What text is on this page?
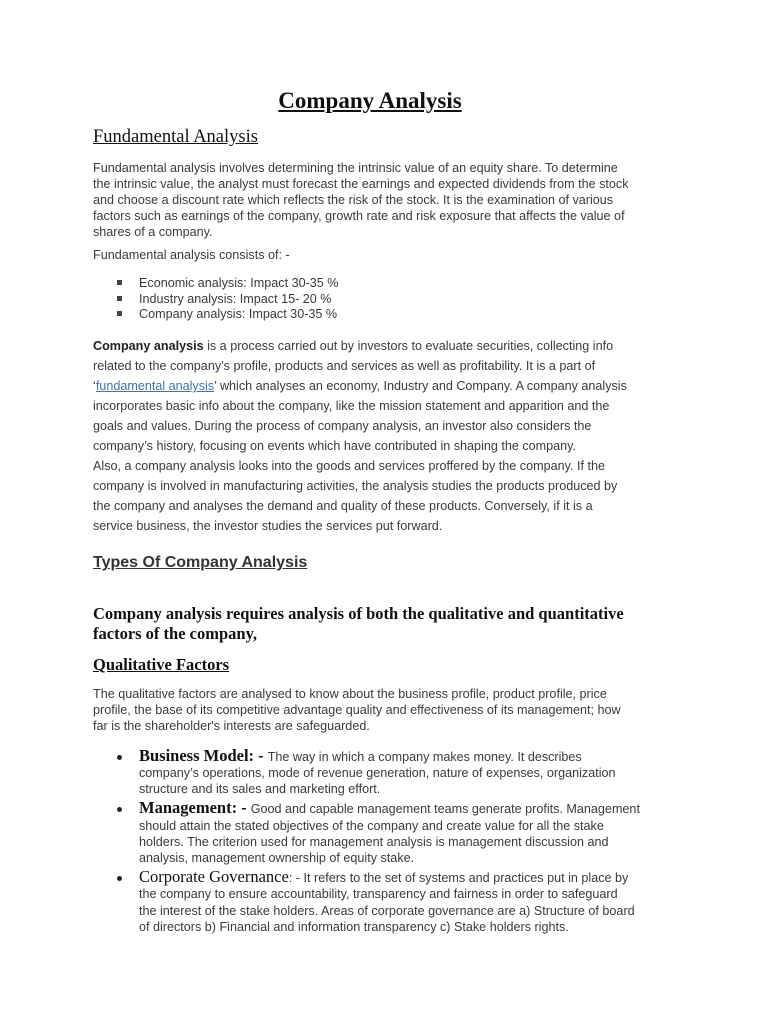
Company Analysis
Fundamental Analysis
Fundamental analysis consists of: -
Types Of Company Analysis
Qualitative Factors
Fundamental analysis involves determining the intrinsic value of an equity share. To determine
the intrinsic value, the analyst must forecast the earnings and expected dividends from the stock
and choose a discount rate which reflects the risk of the stock. It is the examination of various
factors such as earnings of the company, growth rate and risk exposure that affects the value of
shares of a company.
Economic analysis: Impact 30-35 %
Industry analysis: Impact 15- 20 %
Company analysis: Impact 30-35 %
Company analysis is a process carried out by investors to evaluate securities, collecting info
related to the company’s profile, products and services as well as profitability. It is a part of
‘fundamental analysis’ which analyses an economy, Industry and Company. A company analysis
incorporates basic info about the company, like the mission statement and apparition and the
goals and values. During the process of company analysis, an investor also considers the
company’s history, focusing on events which have contributed in shaping the company.
Also, a company analysis looks into the goods and services proffered by the company. If the
company is involved in manufacturing activities, the analysis studies the products produced by
the company and analyses the demand and quality of these products. Conversely, if it is a
service business, the investor studies the services put forward.
Company analysis requires analysis of both the qualitative and quantitative
factors of the company,
The qualitative factors are analysed to know about the business profile, product profile, price
profile, the base of its competitive advantage quality and effectiveness of its management; how
far is the shareholder's interests are safeguarded.
Business Model: - The way in which a company makes money. It describes
company’s operations, mode of revenue generation, nature of expenses, organization
structure and its sales and marketing effort.
Management: - Good and capable management teams generate profits. Management
should attain the stated objectives of the company and create value for all the stake
holders. The criterion used for management analysis is management discussion and
analysis, management ownership of equity stake.
Corporate Governance: - It refers to the set of systems and practices put in place by
the company to ensure accountability, transparency and fairness in order to safeguard
the interest of the stake holders. Areas of corporate governance are a) Structure of board
of directors b) Financial and information transparency c) Stake holders rights.
